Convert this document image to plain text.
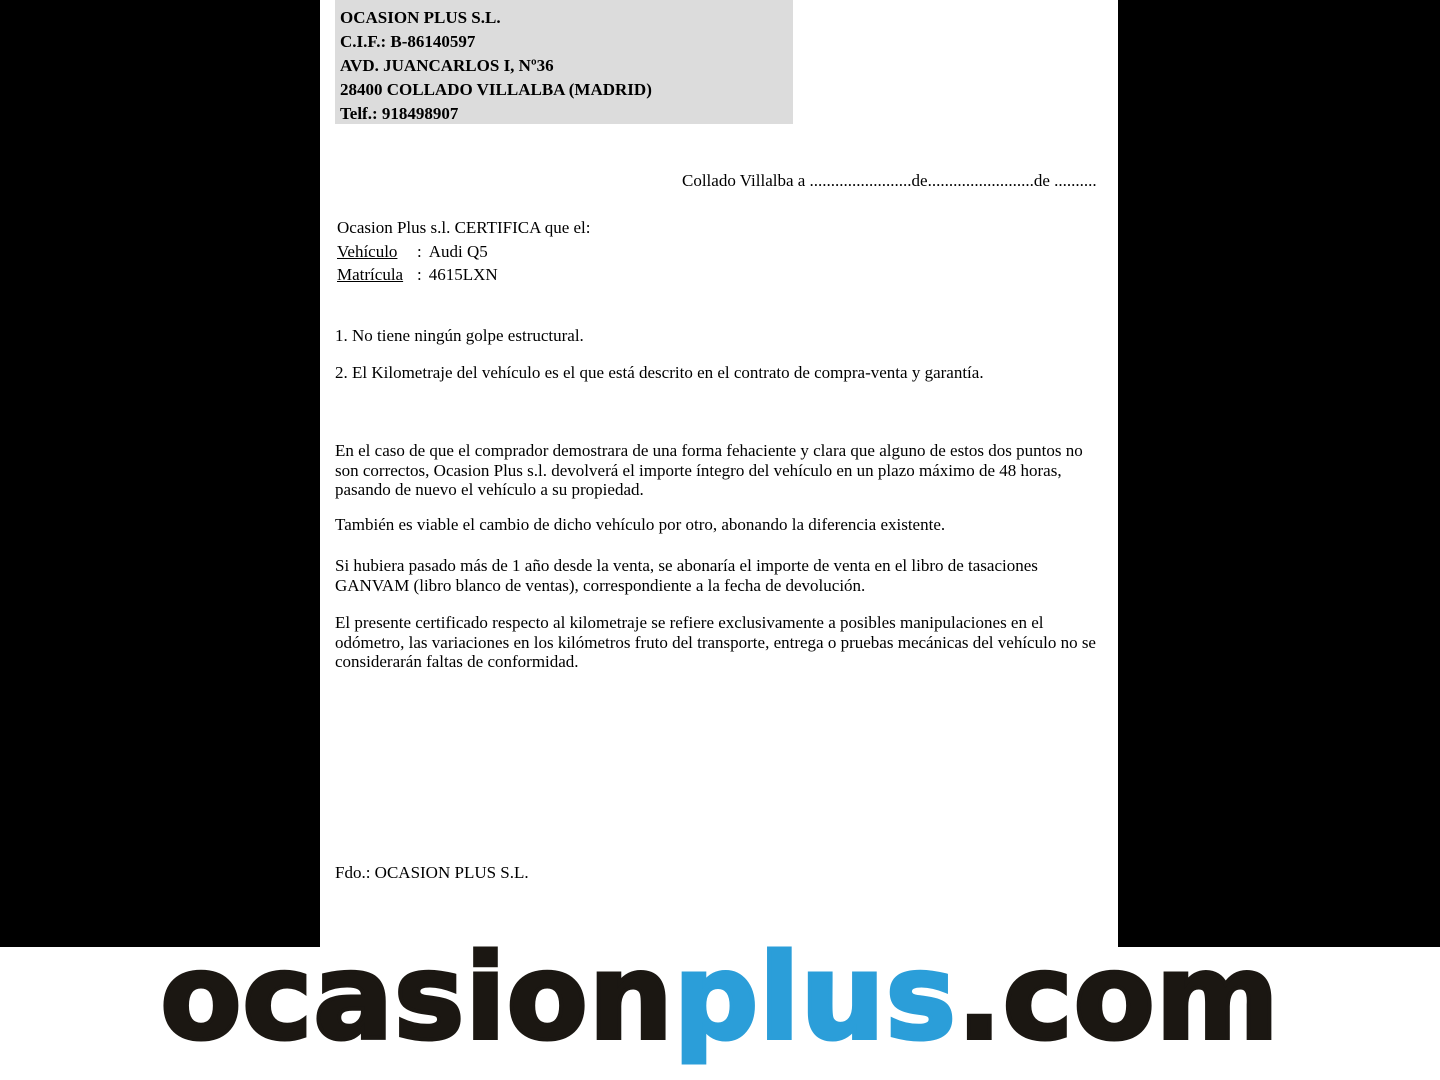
OCASION PLUS S.L.
C.I.F.: B-86140597
AVD. JUANCARLOS I, Nº36
28400 COLLADO VILLALBA (MADRID)
Telf.: 918498907
Collado Villalba a ........................de.........................de ..........
Ocasion Plus s.l. CERTIFICA que el:
Vehículo : Audi Q5
Matrícula : 4615LXN
1. No tiene ningún golpe estructural.
2. El Kilometraje del vehículo es el que está descrito en el contrato de compra-venta y garantía.
En el caso de que el comprador demostrara de una forma fehaciente y clara que alguno de estos dos puntos no son correctos, Ocasion Plus s.l. devolverá el importe íntegro del vehículo en un plazo máximo de 48 horas, pasando de nuevo el vehículo a su propiedad.
También es viable el cambio de dicho vehículo por otro, abonando la diferencia existente.
Si hubiera pasado más de 1 año desde la venta, se abonaría el importe de venta en el libro de tasaciones GANVAM (libro blanco de ventas), correspondiente a la fecha de devolución.
El presente certificado respecto al kilometraje se refiere exclusivamente a posibles manipulaciones en el odómetro, las variaciones en los kilómetros fruto del transporte, entrega o pruebas mecánicas del vehículo no se considerarán faltas de conformidad.
Fdo.: OCASION PLUS S.L.
ocasionplus.com
